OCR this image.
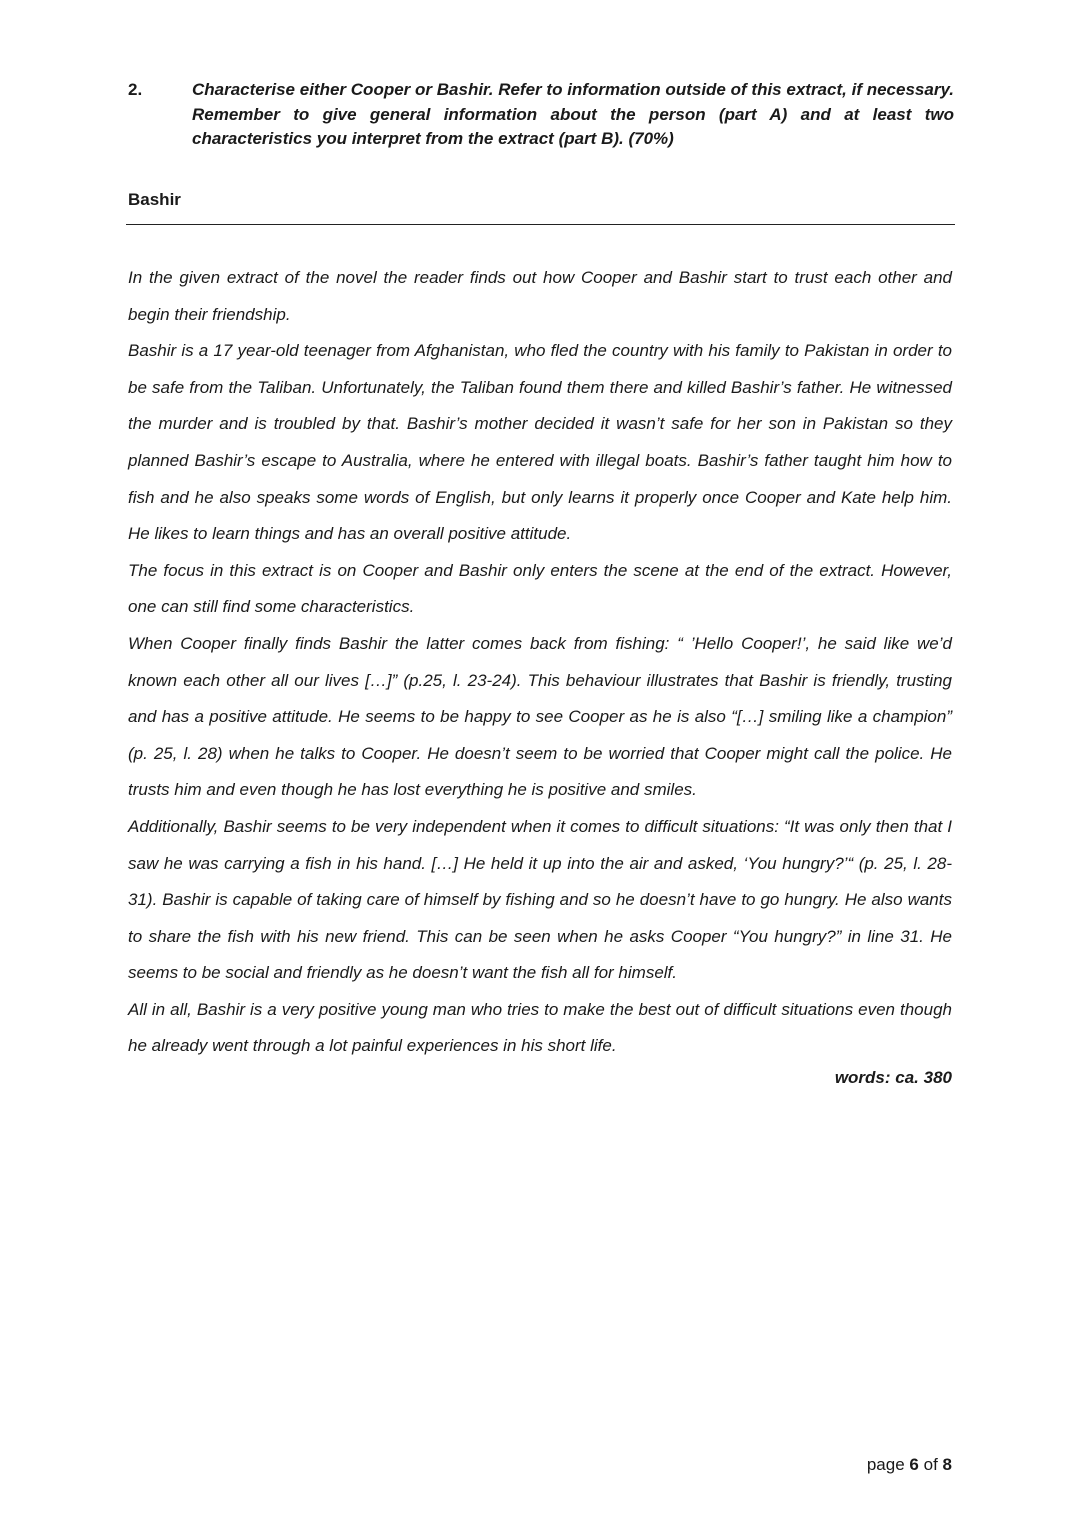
2.	Characterise either Cooper or Bashir. Refer to information outside of this extract, if necessary. Remember to give general information about the person (part A) and at least two characteristics you interpret from the extract (part B). (70%)
Bashir

In the given extract of the novel the reader finds out how Cooper and Bashir start to trust each other and begin their friendship.

Bashir is a 17 year-old teenager from Afghanistan, who fled the country with his family to Pakistan in order to be safe from the Taliban. Unfortunately, the Taliban found them there and killed Bashir’s father. He witnessed the murder and is troubled by that. Bashir’s mother decided it wasn’t safe for her son in Pakistan so they planned Bashir’s escape to Australia, where he entered with illegal boats. Bashir’s father taught him how to fish and he also speaks some words of English, but only learns it properly once Cooper and Kate help him. He likes to learn things and has an overall positive attitude.

The focus in this extract is on Cooper and Bashir only enters the scene at the end of the extract. However, one can still find some characteristics.

When Cooper finally finds Bashir the latter comes back from fishing: “ ’Hello Cooper!’, he said like we’d known each other all our lives […]” (p.25, l. 23-24). This behaviour illustrates that Bashir is friendly, trusting and has a positive attitude. He seems to be happy to see Cooper as he is also “[…] smiling like a champion” (p. 25, l. 28) when he talks to Cooper. He doesn’t seem to be worried that Cooper might call the police. He trusts him and even though he has lost everything he is positive and smiles.

Additionally, Bashir seems to be very independent when it comes to difficult situations: “It was only then that I saw he was carrying a fish in his hand. […] He held it up into the air and asked, ‘You hungry?’“ (p. 25, l. 28-31). Bashir is capable of taking care of himself by fishing and so he doesn’t have to go hungry. He also wants to share the fish with his new friend. This can be seen when he asks Cooper “You hungry?” in line 31. He seems to be social and friendly as he doesn’t want the fish all for himself.

All in all, Bashir is a very positive young man who tries to make the best out of difficult situations even though he already went through a lot painful experiences in his short life.

words: ca. 380
page 6 of 8
